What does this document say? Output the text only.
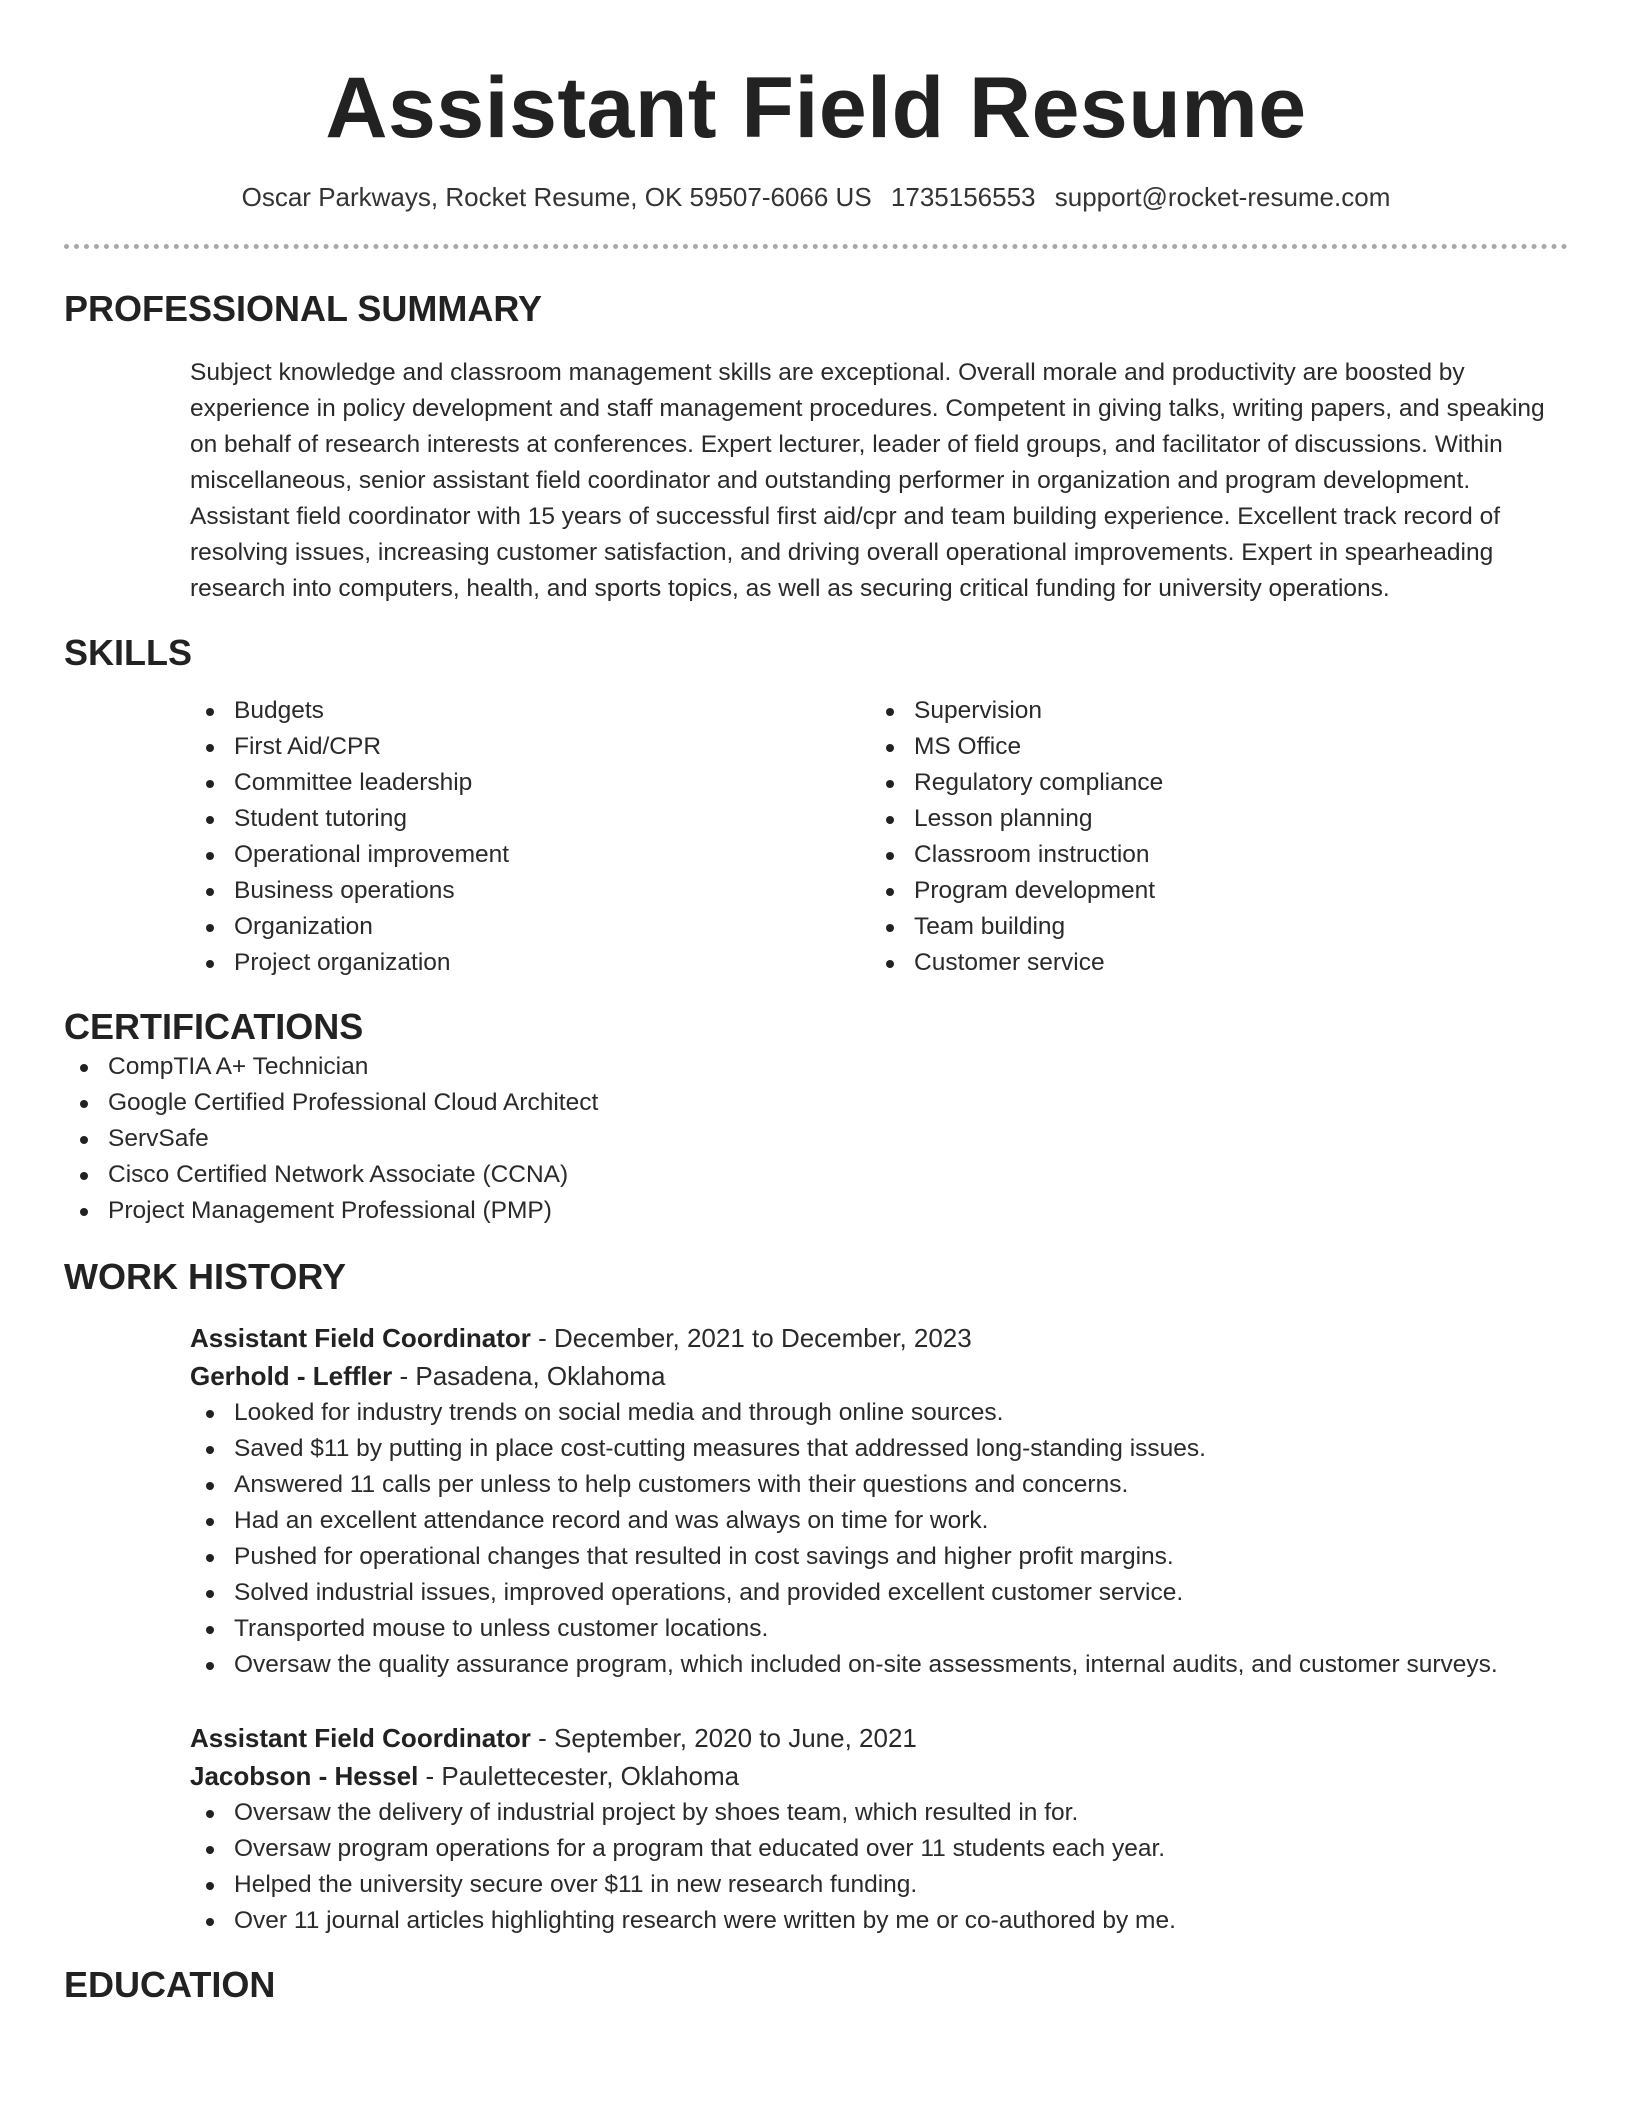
Assistant Field Resume
Oscar Parkways, Rocket Resume, OK 59507-6066 US 1735156553 support@rocket-resume.com
PROFESSIONAL SUMMARY

Subject knowledge and classroom management skills are exceptional. Overall morale and productivity are boosted by experience in policy development and staff management procedures. Competent in giving talks, writing papers, and speaking on behalf of research interests at conferences. Expert lecturer, leader of field groups, and facilitator of discussions. Within miscellaneous, senior assistant field coordinator and outstanding performer in organization and program development. Assistant field coordinator with 15 years of successful first aid/cpr and team building experience. Excellent track record of resolving issues, increasing customer satisfaction, and driving overall operational improvements. Expert in spearheading research into computers, health, and sports topics, as well as securing critical funding for university operations.

SKILLS
Budgets
First Aid/CPR
Committee leadership
Student tutoring
Operational improvement
Business operations
Organization
Project organization
Supervision
MS Office
Regulatory compliance
Lesson planning
Classroom instruction
Program development
Team building
Customer service
CERTIFICATIONS
CompTIA A+ Technician
Google Certified Professional Cloud Architect
ServSafe
Cisco Certified Network Associate (CCNA)
Project Management Professional (PMP)
WORK HISTORY
Assistant Field Coordinator - December, 2021 to December, 2023
Gerhold - Leffler - Pasadena, Oklahoma
Looked for industry trends on social media and through online sources.
Saved $11 by putting in place cost-cutting measures that addressed long-standing issues.
Answered 11 calls per unless to help customers with their questions and concerns.
Had an excellent attendance record and was always on time for work.
Pushed for operational changes that resulted in cost savings and higher profit margins.
Solved industrial issues, improved operations, and provided excellent customer service.
Transported mouse to unless customer locations.
Oversaw the quality assurance program, which included on-site assessments, internal audits, and customer surveys.
Assistant Field Coordinator - September, 2020 to June, 2021
Jacobson - Hessel - Paulettecester, Oklahoma
Oversaw the delivery of industrial project by shoes team, which resulted in for.
Oversaw program operations for a program that educated over 11 students each year.
Helped the university secure over $11 in new research funding.
Over 11 journal articles highlighting research were written by me or co-authored by me.
EDUCATION
